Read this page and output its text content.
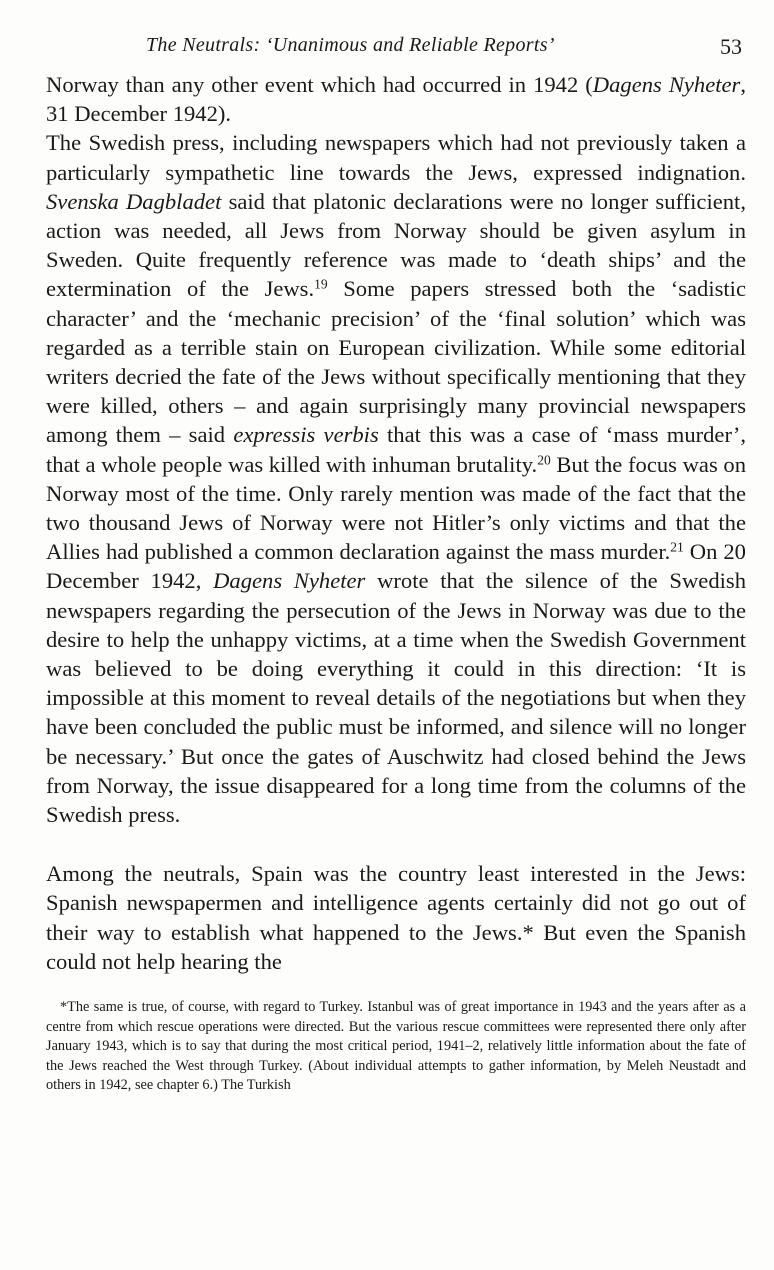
The Neutrals: ‘Unanimous and Reliable Reports’	53

Norway than any other event which had occurred in 1942 (Dagens Nyheter, 31 December 1942).

The Swedish press, including newspapers which had not previously taken a particularly sympathetic line towards the Jews, expressed indignation. Svenska Dagbladet said that platonic declarations were no longer sufficient, action was needed, all Jews from Norway should be given asylum in Sweden. Quite frequently reference was made to ‘death ships’ and the extermination of the Jews.$^{19}$ Some papers stressed both the ‘sadistic character’ and the ‘mechanic precision’ of the ‘final solution’ which was regarded as a terrible stain on European civilization. While some editorial writers decried the fate of the Jews without specifically mentioning that they were killed, others – and again surprisingly many provincial newspapers among them – said expressis verbis that this was a case of ‘mass murder’, that a whole people was killed with inhuman brutality.$^{20}$ But the focus was on Norway most of the time. Only rarely mention was made of the fact that the two thousand Jews of Norway were not Hitler’s only victims and that the Allies had published a common declaration against the mass murder.$^{21}$ On 20 December 1942, Dagens Nyheter wrote that the silence of the Swedish newspapers regarding the persecution of the Jews in Norway was due to the desire to help the unhappy victims, at a time when the Swedish Government was believed to be doing everything it could in this direction: ‘It is impossible at this moment to reveal details of the negotiations but when they have been concluded the public must be informed, and silence will no longer be necessary.’ But once the gates of Auschwitz had closed behind the Jews from Norway, the issue disappeared for a long time from the columns of the Swedish press.

Among the neutrals, Spain was the country least interested in the Jews: Spanish newspapermen and intelligence agents certainly did not go out of their way to establish what happened to the Jews.* But even the Spanish could not help hearing the

*The same is true, of course, with regard to Turkey. Istanbul was of great importance in 1943 and the years after as a centre from which rescue operations were directed. But the various rescue committees were represented there only after January 1943, which is to say that during the most critical period, 1941–2, relatively little information about the fate of the Jews reached the West through Turkey. (About individual attempts to gather information, by Meleh Neustadt and others in 1942, see chapter 6.) The Turkish
